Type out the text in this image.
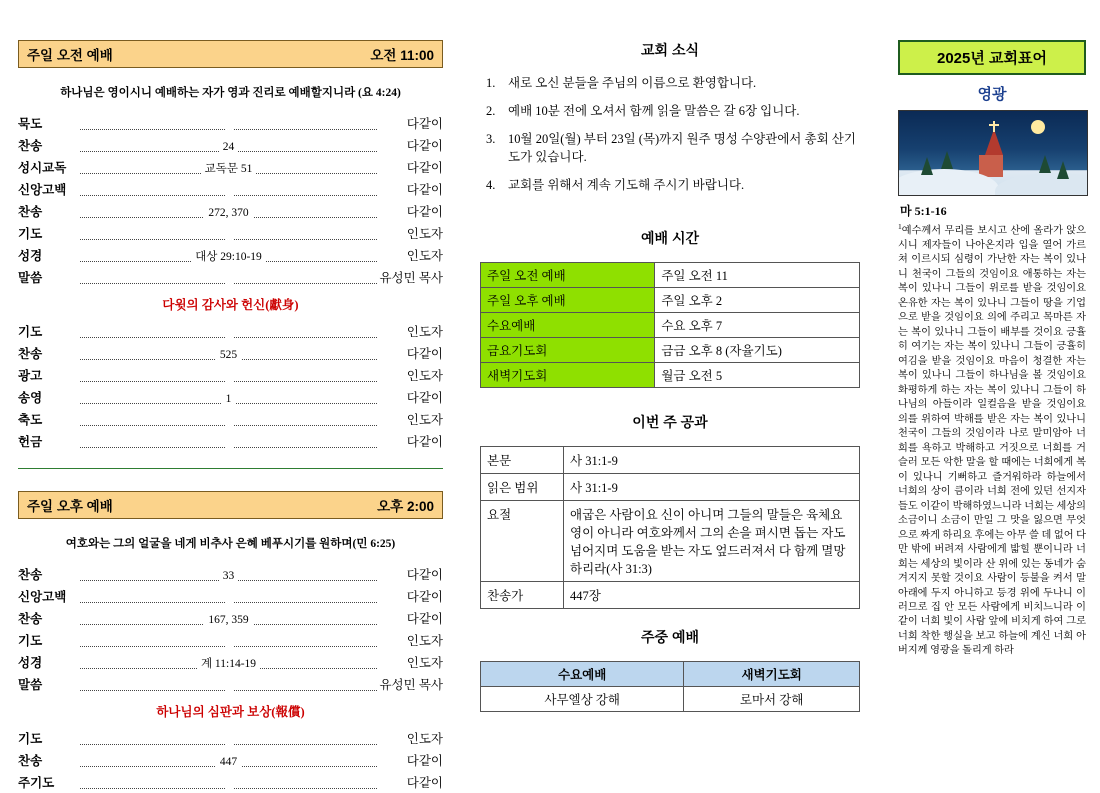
주일 오전 예배	오전 11:00
하나님은 영이시니 예배하는 자가 영과 진리로 예배할지니라 (요 4:24)
묵도		다같이
찬송	24	다같이
성시교독	교독문 51	다같이
신앙고백		다같이
찬송	272, 370	다같이
기도		인도자
성경	대상 29:10-19	인도자
말씀		유성민 목사
다윗의 감사와 헌신(獻身)		
기도		인도자
찬송	525	다같이
광고		인도자
송영	1	다같이
축도		인도자
헌금		다같이
주일 오후 예배	오후 2:00
여호와는 그의 얼굴을 네게 비추사 은혜 베푸시기를 원하며(민 6:25)
찬송	33	다같이
신앙고백		다같이
찬송	167, 359	다같이
기도		인도자
성경	계 11:14-19	인도자
말씀		유성민 목사
하나님의 심판과 보상(報償)		
기도		인도자
찬송	447	다같이
주기도		다같이
교회 소식
1.	새로 오신 분들을 주님의 이름으로 환영합니다.
2.	예배 10분 전에 오셔서 함께 읽을 말씀은 갈 6장 입니다.
3.	10월 20일(월) 부터 23일 (목)까지 원주 명성 수양관에서 총회 산기도가 있습니다.
4.	교회를 위해서 계속 기도해 주시기 바랍니다.
예배 시간
주일 오전 예배	주일 오전 11
주일 오후 예배	주일 오후 2
수요예배	수요 오후 7
금요기도회	금금 오후 8 (자율기도)
새벽기도회	월금 오전 5
이번 주 공과
본문	사 31:1-9
읽은 범위	사 31:1-9
요절	애굽은 사람이요 신이 아니며 그들의 말들은 육체요 영이 아니라 여호와께서 그의 손을 펴시면 돕는 자도 넘어지며 도움을 받는 자도 엎드러져서 다 함께 멸망하리라(사 31:3)
찬송가	447장
주중 예배
수요예배	새벽기도회
사무엘상 강해	로마서 강해
2025년 교회표어
영광
마 5:1-16
$^1$예수께서 무리를 보시고 산에 올라가 앉으시니 제자들이 나아온지라 입을 열어 가르쳐 이르시되 심령이 가난한 자는 복이 있나니 천국이 그들의 것임이요 애통하는 자는 복이 있나니 그들이 위로를 받을 것임이요 온유한 자는 복이 있나니 그들이 땅을 기업으로 받을 것임이요 의에 주리고 목마른 자는 복이 있나니 그들이 배부를 것이요 긍휼히 여기는 자는 복이 있나니 그들이 긍휼히 여김을 받을 것임이요 마음이 청결한 자는 복이 있나니 그들이 하나님을 볼 것임이요 화평하게 하는 자는 복이 있나니 그들이 하나님의 아들이라 일컬음을 받을 것임이요 의를 위하여 박해를 받은 자는 복이 있나니 천국이 그들의 것임이라 나로 말미암아 너희를 욕하고 박해하고 거짓으로 너희를 거슬러 모든 악한 말을 할 때에는 너희에게 복이 있나니 기뻐하고 즐거워하라 하늘에서 너희의 상이 큼이라 너희 전에 있던 선지자들도 이같이 박해하였느니라 너희는 세상의 소금이니 소금이 만일 그 맛을 잃으면 무엇으로 짜게 하리요 후에는 아무 쓸 데 없어 다만 밖에 버려져 사람에게 밟힐 뿐이니라 너희는 세상의 빛이라 산 위에 있는 동네가 숨겨지지 못할 것이요 사람이 등불을 켜서 말 아래에 두지 아니하고 등경 위에 두나니 이러므로 집 안 모든 사람에게 비치느니라 이같이 너희 빛이 사람 앞에 비치게 하여 그로 너희 착한 행실을 보고 하늘에 계신 너희 아버지께 영광을 돌리게 하라
